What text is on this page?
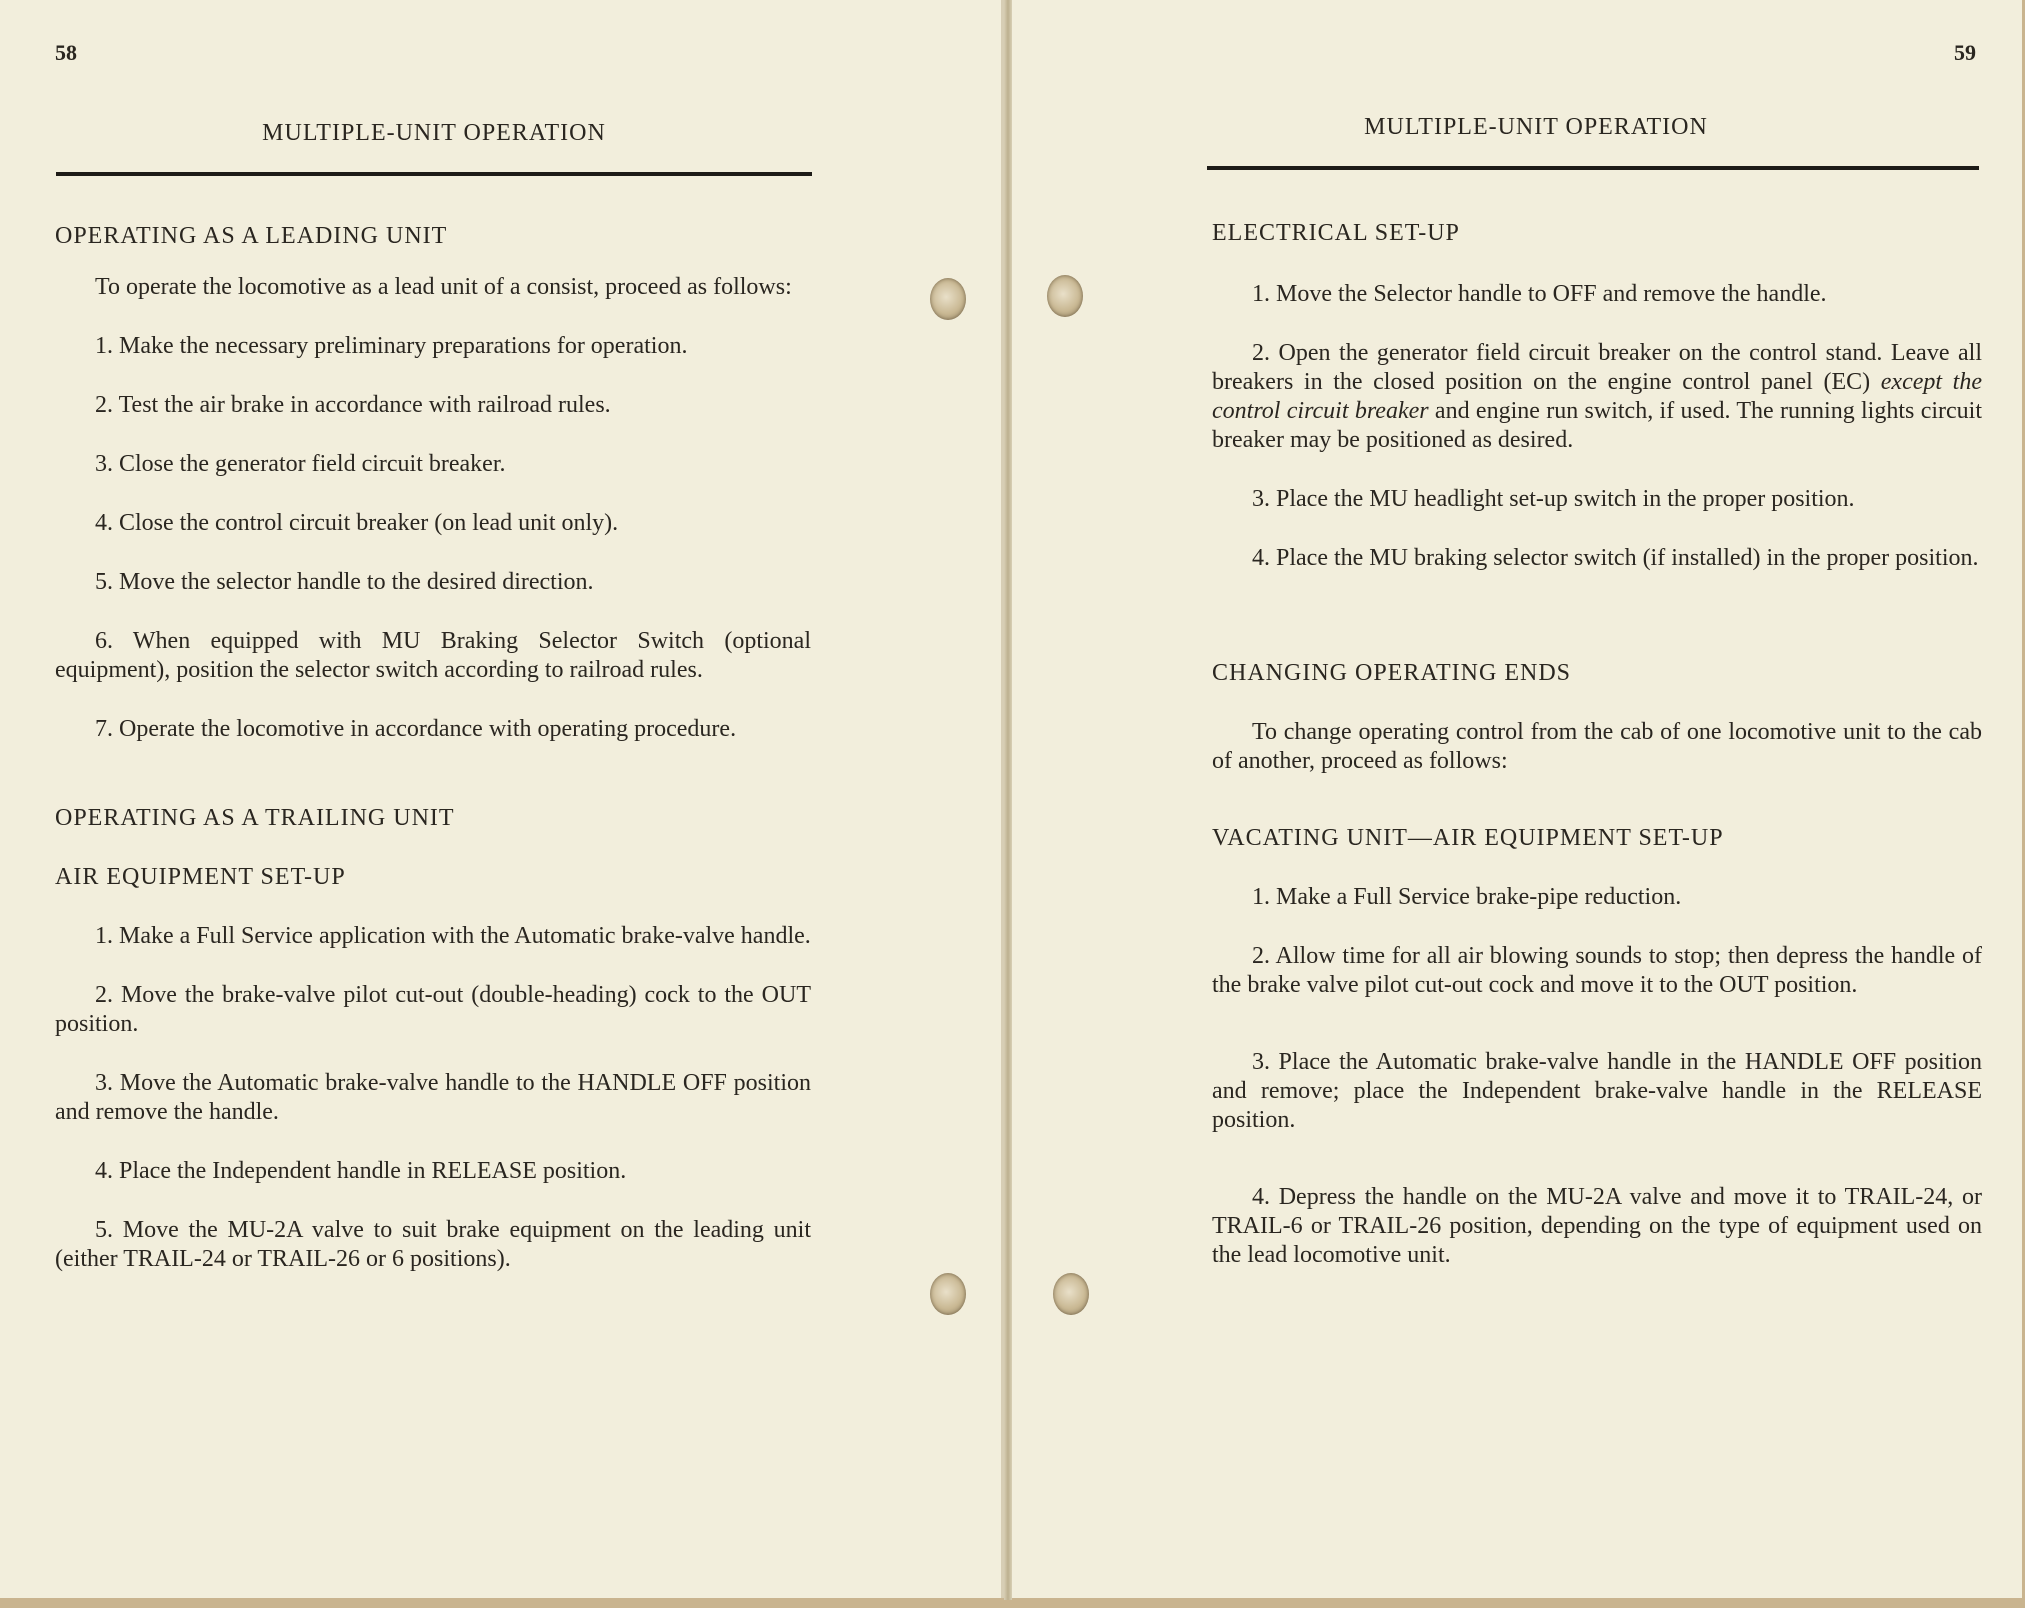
58
MULTIPLE-UNIT OPERATION

OPERATING AS A LEADING UNIT

To operate the locomotive as a lead unit of a consist, proceed as follows:

1. Make the necessary preliminary preparations for operation.

2. Test the air brake in accordance with railroad rules.

3. Close the generator field circuit breaker.

4. Close the control circuit breaker (on lead unit only).

5. Move the selector handle to the desired direction.

6. When equipped with MU Braking Selector Switch (optional equipment), position the selector switch according to railroad rules.

7. Operate the locomotive in accordance with operating procedure.

OPERATING AS A TRAILING UNIT

AIR EQUIPMENT SET-UP

1. Make a Full Service application with the Automatic brake-valve handle.

2. Move the brake-valve pilot cut-out (double-heading) cock to the OUT position.

3. Move the Automatic brake-valve handle to the HANDLE OFF position and remove the handle.

4. Place the Independent handle in RELEASE position.

5. Move the MU-2A valve to suit brake equipment on the leading unit (either TRAIL-24 or TRAIL-26 or 6 positions).

59
MULTIPLE-UNIT OPERATION

ELECTRICAL SET-UP

1. Move the Selector handle to OFF and remove the handle.

2. Open the generator field circuit breaker on the control stand. Leave all breakers in the closed position on the engine control panel (EC) except the control circuit breaker and engine run switch, if used. The running lights circuit breaker may be positioned as desired.

3. Place the MU headlight set-up switch in the proper position.

4. Place the MU braking selector switch (if installed) in the proper position.

CHANGING OPERATING ENDS

To change operating control from the cab of one locomotive unit to the cab of another, proceed as follows:

VACATING UNIT—AIR EQUIPMENT SET-UP

1. Make a Full Service brake-pipe reduction.

2. Allow time for all air blowing sounds to stop; then depress the handle of the brake valve pilot cut-out cock and move it to the OUT position.

3. Place the Automatic brake-valve handle in the HANDLE OFF position and remove; place the Independent brake-valve handle in the RELEASE position.

4. Depress the handle on the MU-2A valve and move it to TRAIL-24, or TRAIL-6 or TRAIL-26 position, depending on the type of equipment used on the lead locomotive unit.
